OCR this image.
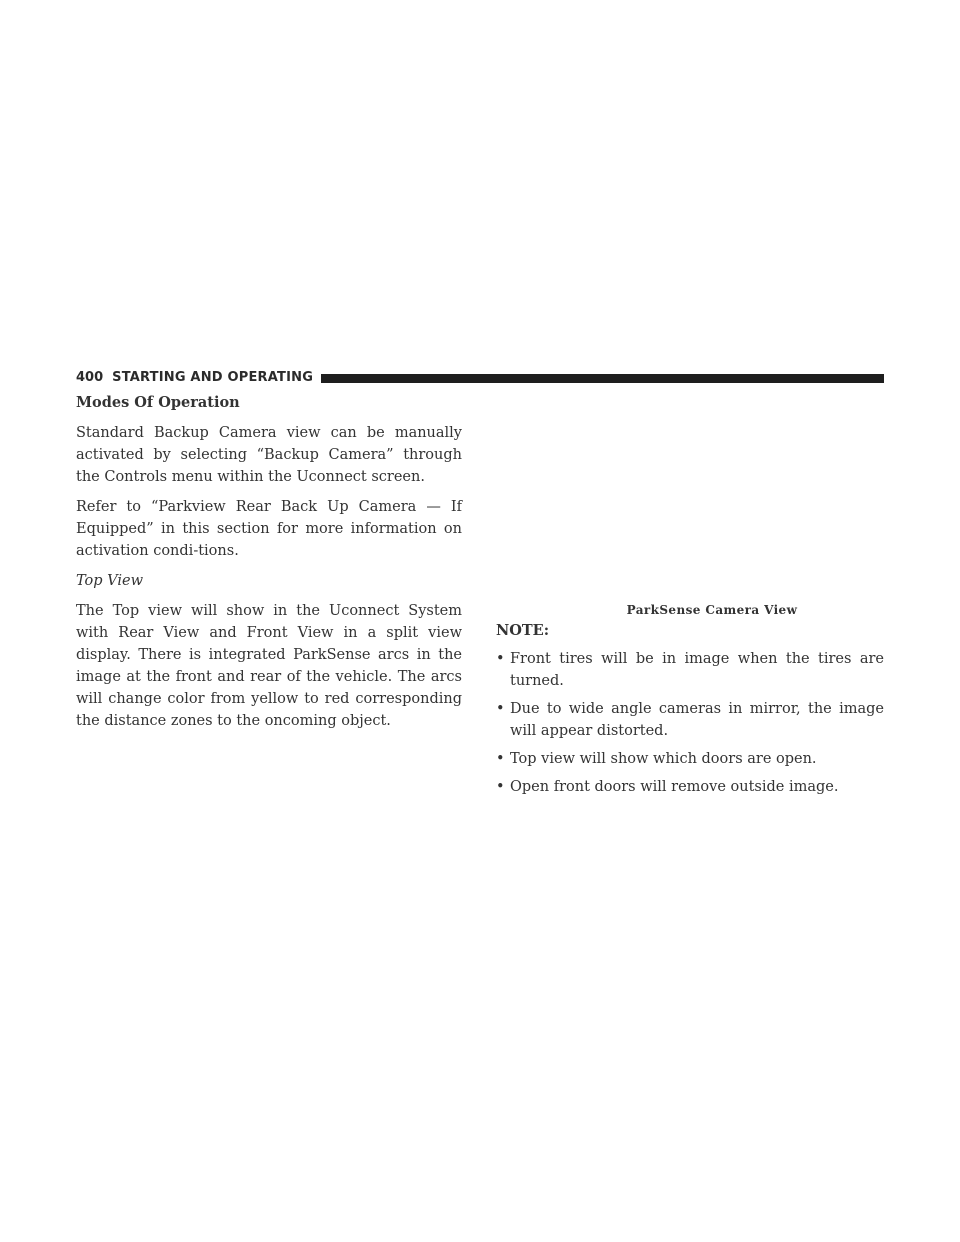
400 STARTING AND OPERATING
Modes Of Operation

Standard Backup Camera view can be manually activated by selecting “Backup Camera” through the Controls menu within the Uconnect screen.

Refer to “Parkview Rear Back Up Camera — If Equipped” in this section for more information on activation condi-tions.

Top View

The Top view will show in the Uconnect System with Rear View and Front View in a split view display. There is integrated ParkSense arcs in the image at the front and rear of the vehicle. The arcs will change color from yellow to red corresponding the distance zones to the oncoming object.

ParkSense Camera View
NOTE:
• Front tires will be in image when the tires are turned.
• Due to wide angle cameras in mirror, the image will appear distorted.
• Top view will show which doors are open.
• Open front doors will remove outside image.
